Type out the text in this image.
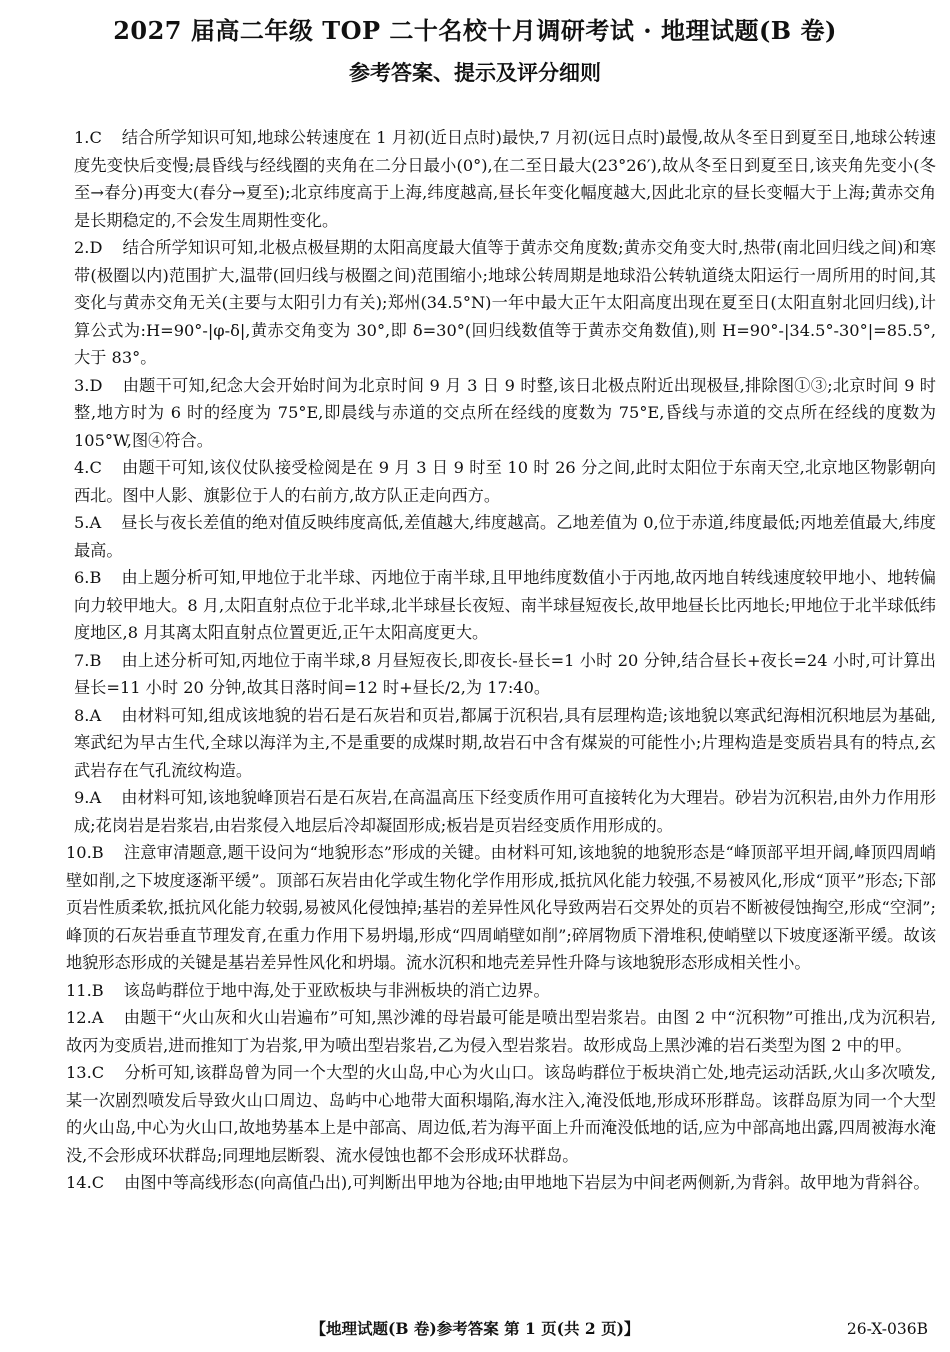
2027 届高二年级 TOP 二十名校十月调研考试 · 地理试题(B 卷)
参考答案、提示及评分细则
1.C 结合所学知识可知,地球公转速度在 1 月初(近日点时)最快,7 月初(远日点时)最慢,故从冬至日到夏至日,地球公转速度先变快后变慢;晨昏线与经线圈的夹角在二分日最小(0°),在二至日最大(23°26′),故从冬至日到夏至日,该夹角先变小(冬至→春分)再变大(春分→夏至);北京纬度高于上海,纬度越高,昼长年变化幅度越大,因此北京的昼长变幅大于上海;黄赤交角是长期稳定的,不会发生周期性变化。
2.D 结合所学知识可知,北极点极昼期的太阳高度最大值等于黄赤交角度数;黄赤交角变大时,热带(南北回归线之间)和寒带(极圈以内)范围扩大,温带(回归线与极圈之间)范围缩小;地球公转周期是地球沿公转轨道绕太阳运行一周所用的时间,其变化与黄赤交角无关(主要与太阳引力有关);郑州(34.5°N)一年中最大正午太阳高度出现在夏至日(太阳直射北回归线),计算公式为:H=90°-|φ-δ|,黄赤交角变为 30°,即 δ=30°(回归线数值等于黄赤交角数值),则 H=90°-|34.5°-30°|=85.5°,大于 83°。
3.D 由题干可知,纪念大会开始时间为北京时间 9 月 3 日 9 时整,该日北极点附近出现极昼,排除图①③;北京时间 9 时整,地方时为 6 时的经度为 75°E,即晨线与赤道的交点所在经线的度数为 75°E,昏线与赤道的交点所在经线的度数为 105°W,图④符合。
4.C 由题干可知,该仪仗队接受检阅是在 9 月 3 日 9 时至 10 时 26 分之间,此时太阳位于东南天空,北京地区物影朝向西北。图中人影、旗影位于人的右前方,故方队正走向西方。
5.A 昼长与夜长差值的绝对值反映纬度高低,差值越大,纬度越高。乙地差值为 0,位于赤道,纬度最低;丙地差值最大,纬度最高。
6.B 由上题分析可知,甲地位于北半球、丙地位于南半球,且甲地纬度数值小于丙地,故丙地自转线速度较甲地小、地转偏向力较甲地大。8 月,太阳直射点位于北半球,北半球昼长夜短、南半球昼短夜长,故甲地昼长比丙地长;甲地位于北半球低纬度地区,8 月其离太阳直射点位置更近,正午太阳高度更大。
7.B 由上述分析可知,丙地位于南半球,8 月昼短夜长,即夜长-昼长=1 小时 20 分钟,结合昼长+夜长=24 小时,可计算出昼长=11 小时 20 分钟,故其日落时间=12 时+昼长/2,为 17:40。
8.A 由材料可知,组成该地貌的岩石是石灰岩和页岩,都属于沉积岩,具有层理构造;该地貌以寒武纪海相沉积地层为基础,寒武纪为早古生代,全球以海洋为主,不是重要的成煤时期,故岩石中含有煤炭的可能性小;片理构造是变质岩具有的特点,玄武岩存在气孔流纹构造。
9.A 由材料可知,该地貌峰顶岩石是石灰岩,在高温高压下经变质作用可直接转化为大理岩。砂岩为沉积岩,由外力作用形成;花岗岩是岩浆岩,由岩浆侵入地层后冷却凝固形成;板岩是页岩经变质作用形成的。
10.B 注意审清题意,题干设问为“地貌形态”形成的关键。由材料可知,该地貌的地貌形态是“峰顶部平坦开阔,峰顶四周峭壁如削,之下坡度逐渐平缓”。顶部石灰岩由化学或生物化学作用形成,抵抗风化能力较强,不易被风化,形成“顶平”形态;下部页岩性质柔软,抵抗风化能力较弱,易被风化侵蚀掉;基岩的差异性风化导致两岩石交界处的页岩不断被侵蚀掏空,形成“空洞”;峰顶的石灰岩垂直节理发育,在重力作用下易坍塌,形成“四周峭壁如削”;碎屑物质下滑堆积,使峭壁以下坡度逐渐平缓。故该地貌形态形成的关键是基岩差异性风化和坍塌。流水沉积和地壳差异性升降与该地貌形态形成相关性小。
11.B 该岛屿群位于地中海,处于亚欧板块与非洲板块的消亡边界。
12.A 由题干“火山灰和火山岩遍布”可知,黑沙滩的母岩最可能是喷出型岩浆岩。由图 2 中“沉积物”可推出,戊为沉积岩,故丙为变质岩,进而推知丁为岩浆,甲为喷出型岩浆岩,乙为侵入型岩浆岩。故形成岛上黑沙滩的岩石类型为图 2 中的甲。
13.C 分析可知,该群岛曾为同一个大型的火山岛,中心为火山口。该岛屿群位于板块消亡处,地壳运动活跃,火山多次喷发,某一次剧烈喷发后导致火山口周边、岛屿中心地带大面积塌陷,海水注入,淹没低地,形成环形群岛。该群岛原为同一个大型的火山岛,中心为火山口,故地势基本上是中部高、周边低,若为海平面上升而淹没低地的话,应为中部高地出露,四周被海水淹没,不会形成环状群岛;同理地层断裂、流水侵蚀也都不会形成环状群岛。
14.C 由图中等高线形态(向高值凸出),可判断出甲地为谷地;由甲地地下岩层为中间老两侧新,为背斜。故甲地为背斜谷。
【地理试题(B 卷)参考答案 第 1 页(共 2 页)】	26-X-036B
